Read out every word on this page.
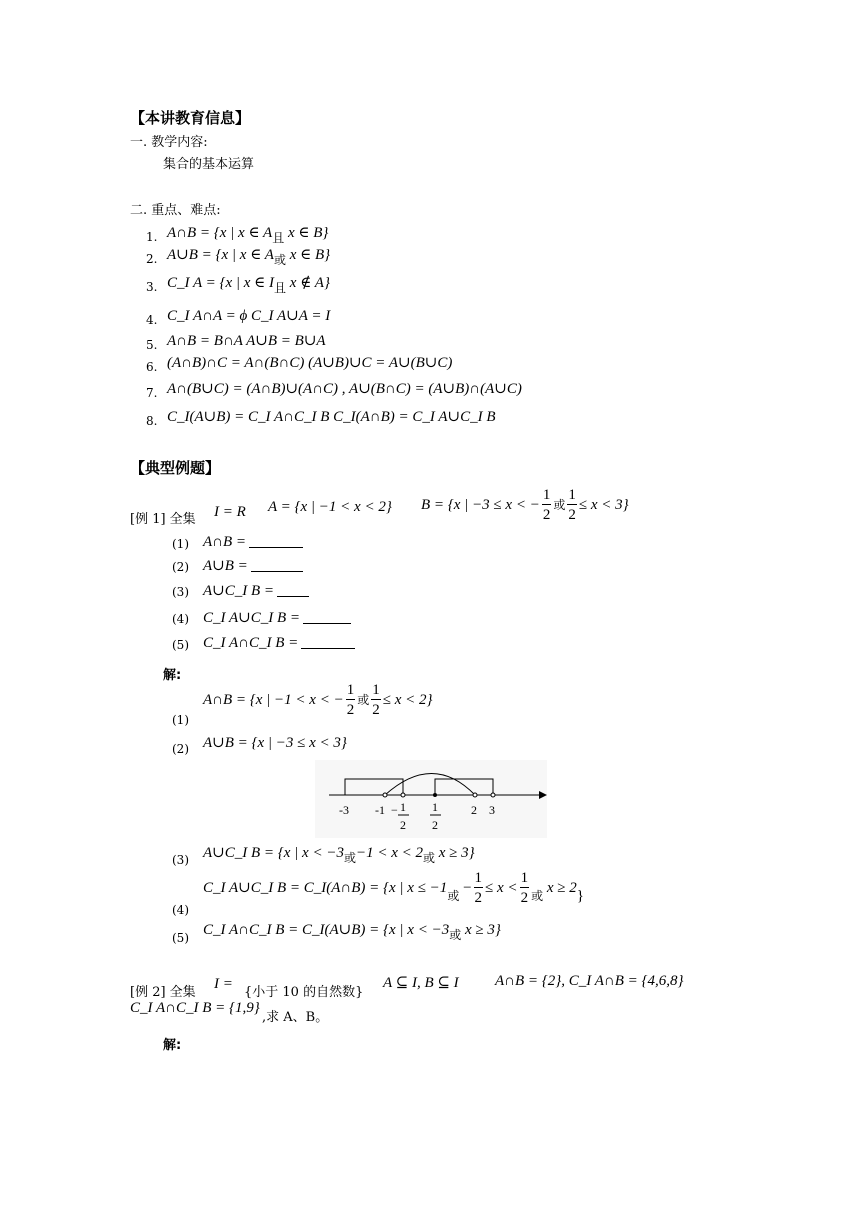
【本讲教育信息】
一. 教学内容:
集合的基本运算
二. 重点、难点:
1. A∩B = {x | x ∈ $A_且$ x ∈ B}
2. A∪B = {x | x ∈ $A_或$ x ∈ B}
3. C_I A = {x | x ∈ $I_且$ x ∉ A}
4. C_I A∩A = ϕ C_I A∪A = I
5. A∩B = B∩A A∪B = B∪A
6. (A∩B)∩C = A∩(B∩C) (A∪B)∪C = A∪(B∪C)
7. A∩(B∪C) = (A∩B)∪(A∩C) , A∪(B∩C) = (A∪B)∩(A∪C)
8. C_I(A∪B) = C_I A∩C_I B C_I(A∩B) = C_I A∪C_I B
【典型例题】
[例 1] 全集 I = R A = {x | −1 < x < 2} B = {x | −3 ≤ x < − $\frac{1}{2}$ 或 $\frac{1}{2} \le x < 3$}
(1) A∩B =
(2) A∪B =
(3) A∪C_I B =
(4) C_I A∪C_I B =
(5) C_I A∩C_I B =
解:
(1)
A∩B = {x | −1 < x < − $\frac{1}{2}$ 或 $\frac{1}{2} \le x < 2$}
(2) A∪B = {x | −3 ≤ x < 3}
-3 -1 − 1
2
1
2
2 3
(3) A∪C_I B = {x | $x < -3_或-1 < x < 2_或$ x ≥ 3}
(4)
C_I A∪C_I B = C_I(A∩B) = {x | $x \le -1_或 - \frac{1}{2} \le x < \frac{1}{2} _或$ x ≥ 2}
(5) C_I A∩C_I B = C_I(A∪B) = {x | $x < -3_或$ x ≥ 3}
[例 2] 全集
I =
{小于 10 的自然数}
A ⊆ I, B ⊆ I A∩B = {2}, C_I A∩B = {4,6,8}
C_I A∩C_I B = {1,9}
,求 A、B。
解:
